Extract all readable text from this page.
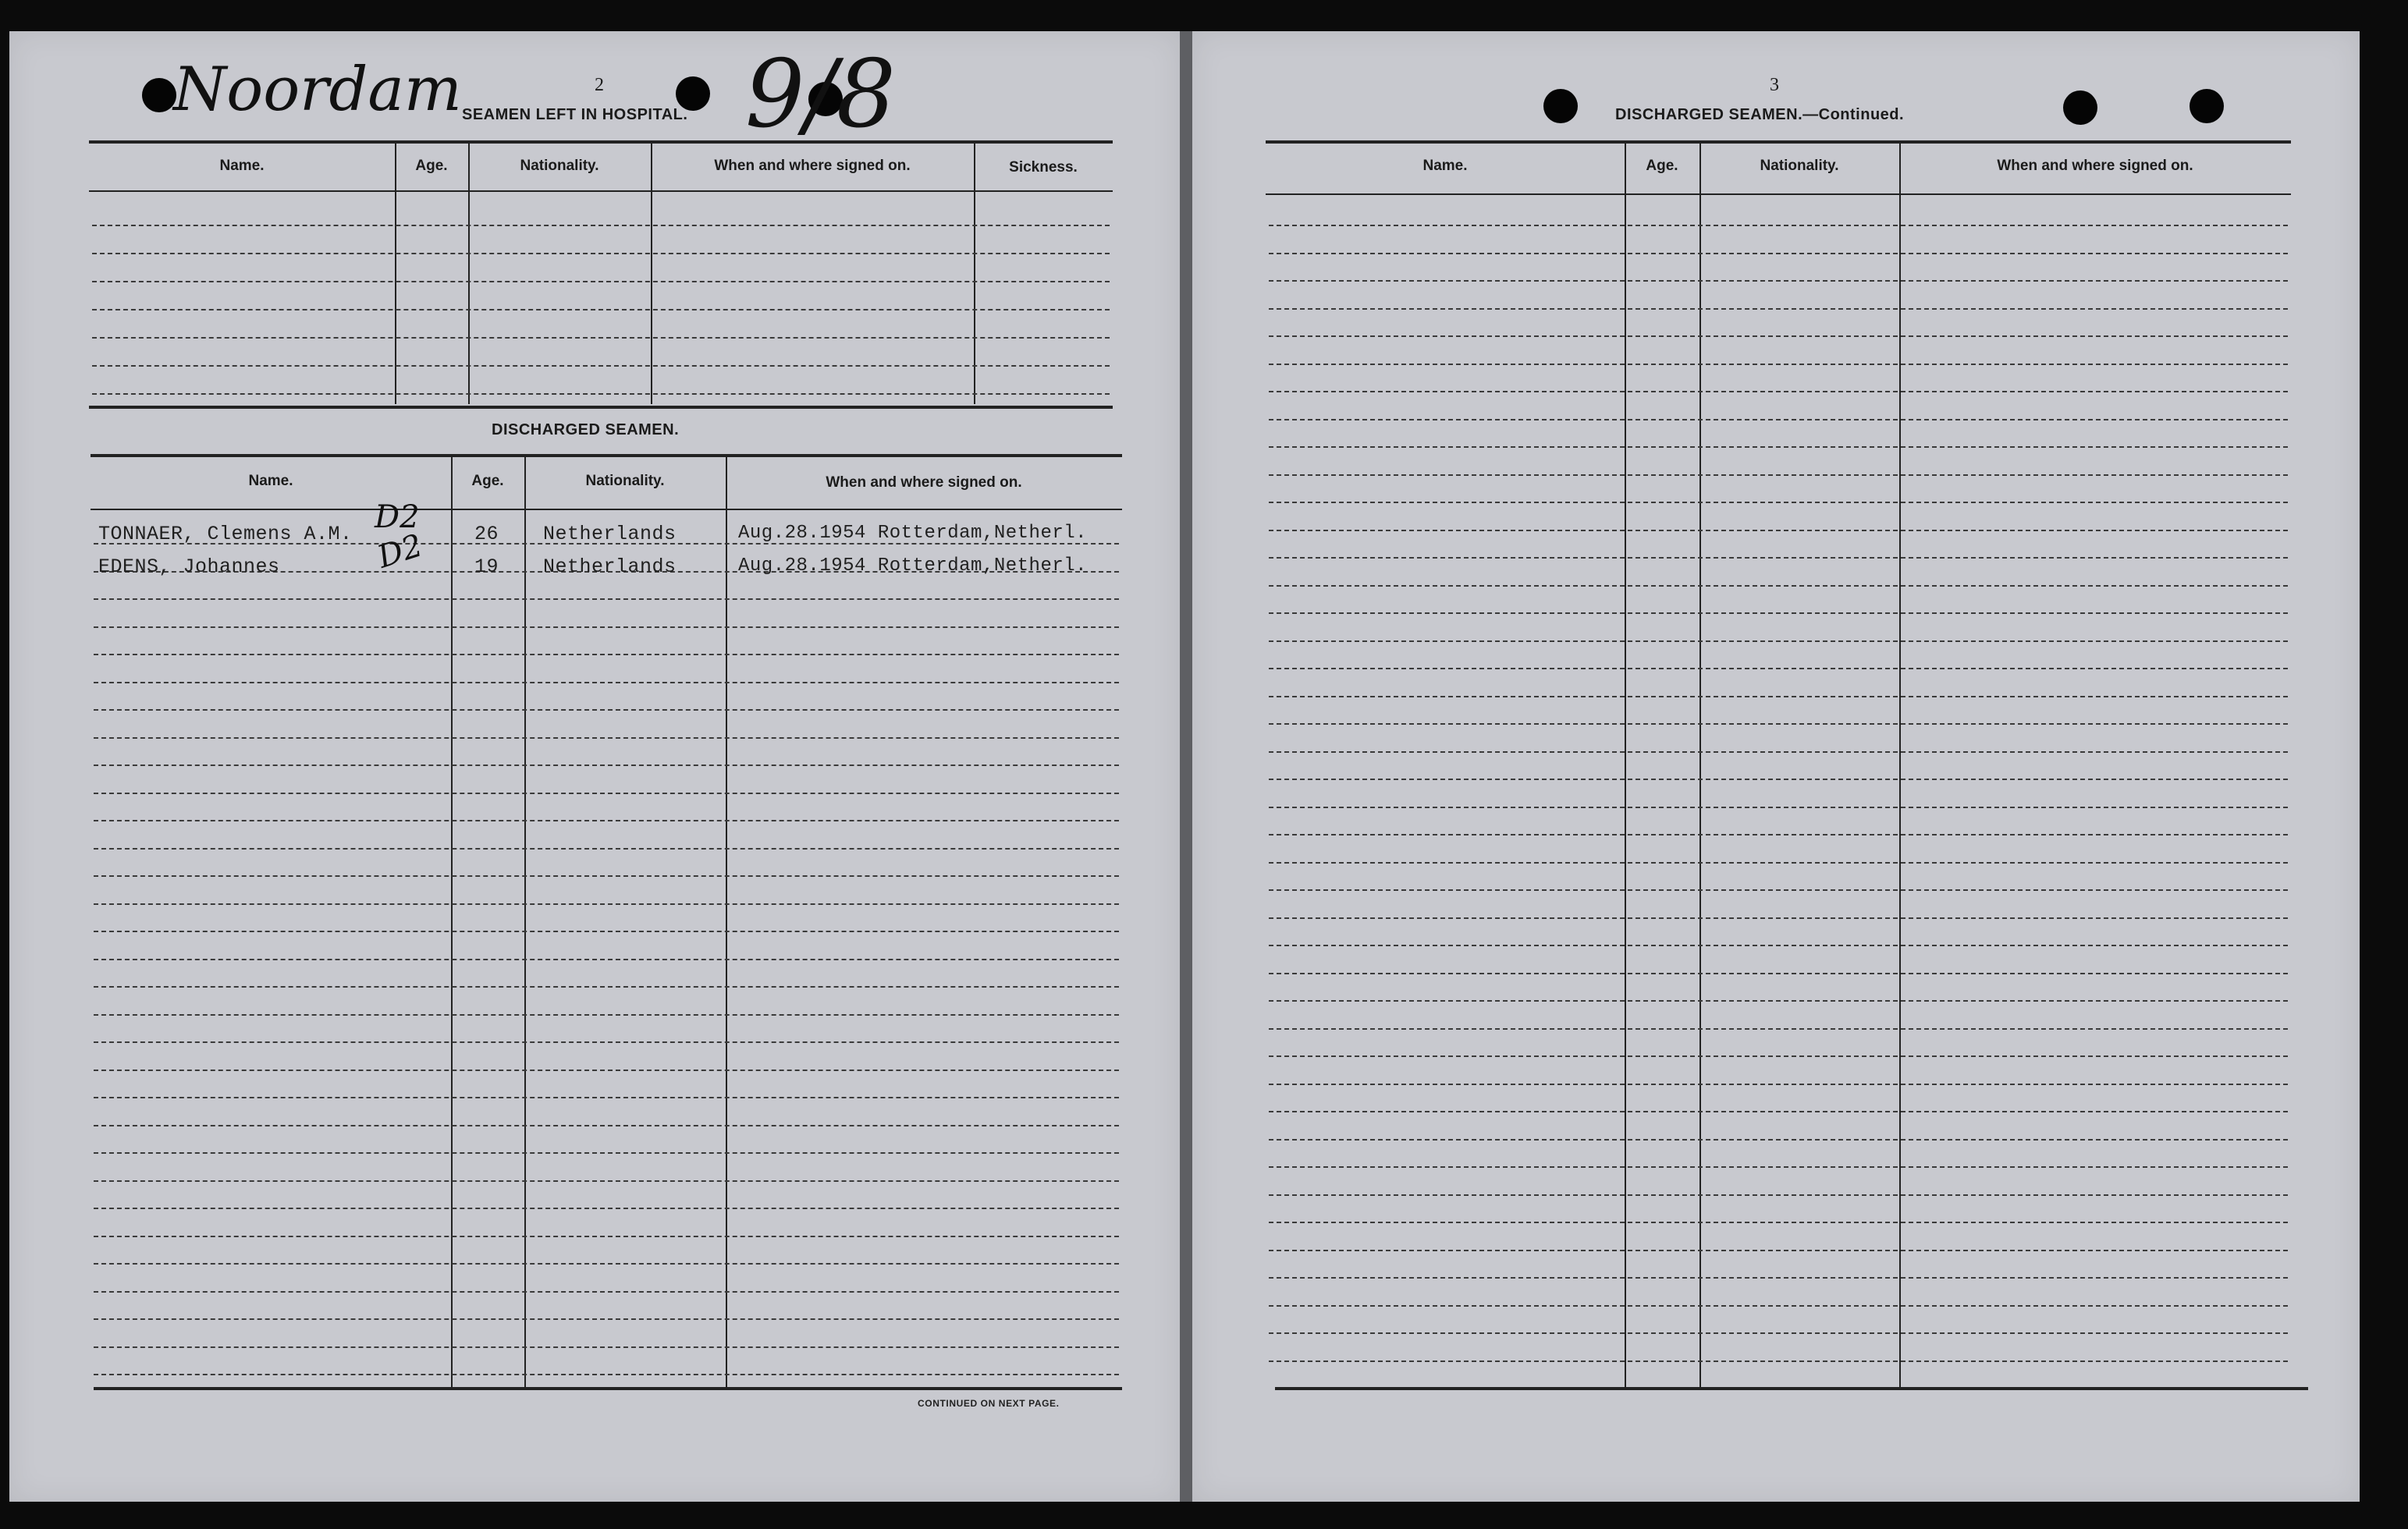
Noordam	9/8
2
SEAMEN LEFT IN HOSPITAL.
Name.	Age.	Nationality.	When and where signed on.	Sickness.
DISCHARGED SEAMEN.
Name.	Age.	Nationality.	When and where signed on.
TONNAER, Clemens A.M. D2	26 Netherlands	Aug.28.1954 Rotterdam,Netherl.
EDENS, Johannes	D2 19 Netherlands	Aug.28.1954 Rotterdam,Netherl.
CONTINUED ON NEXT PAGE.
3
DISCHARGED SEAMEN.—Continued.
Name.	Age.	Nationality.	When and where signed on.
